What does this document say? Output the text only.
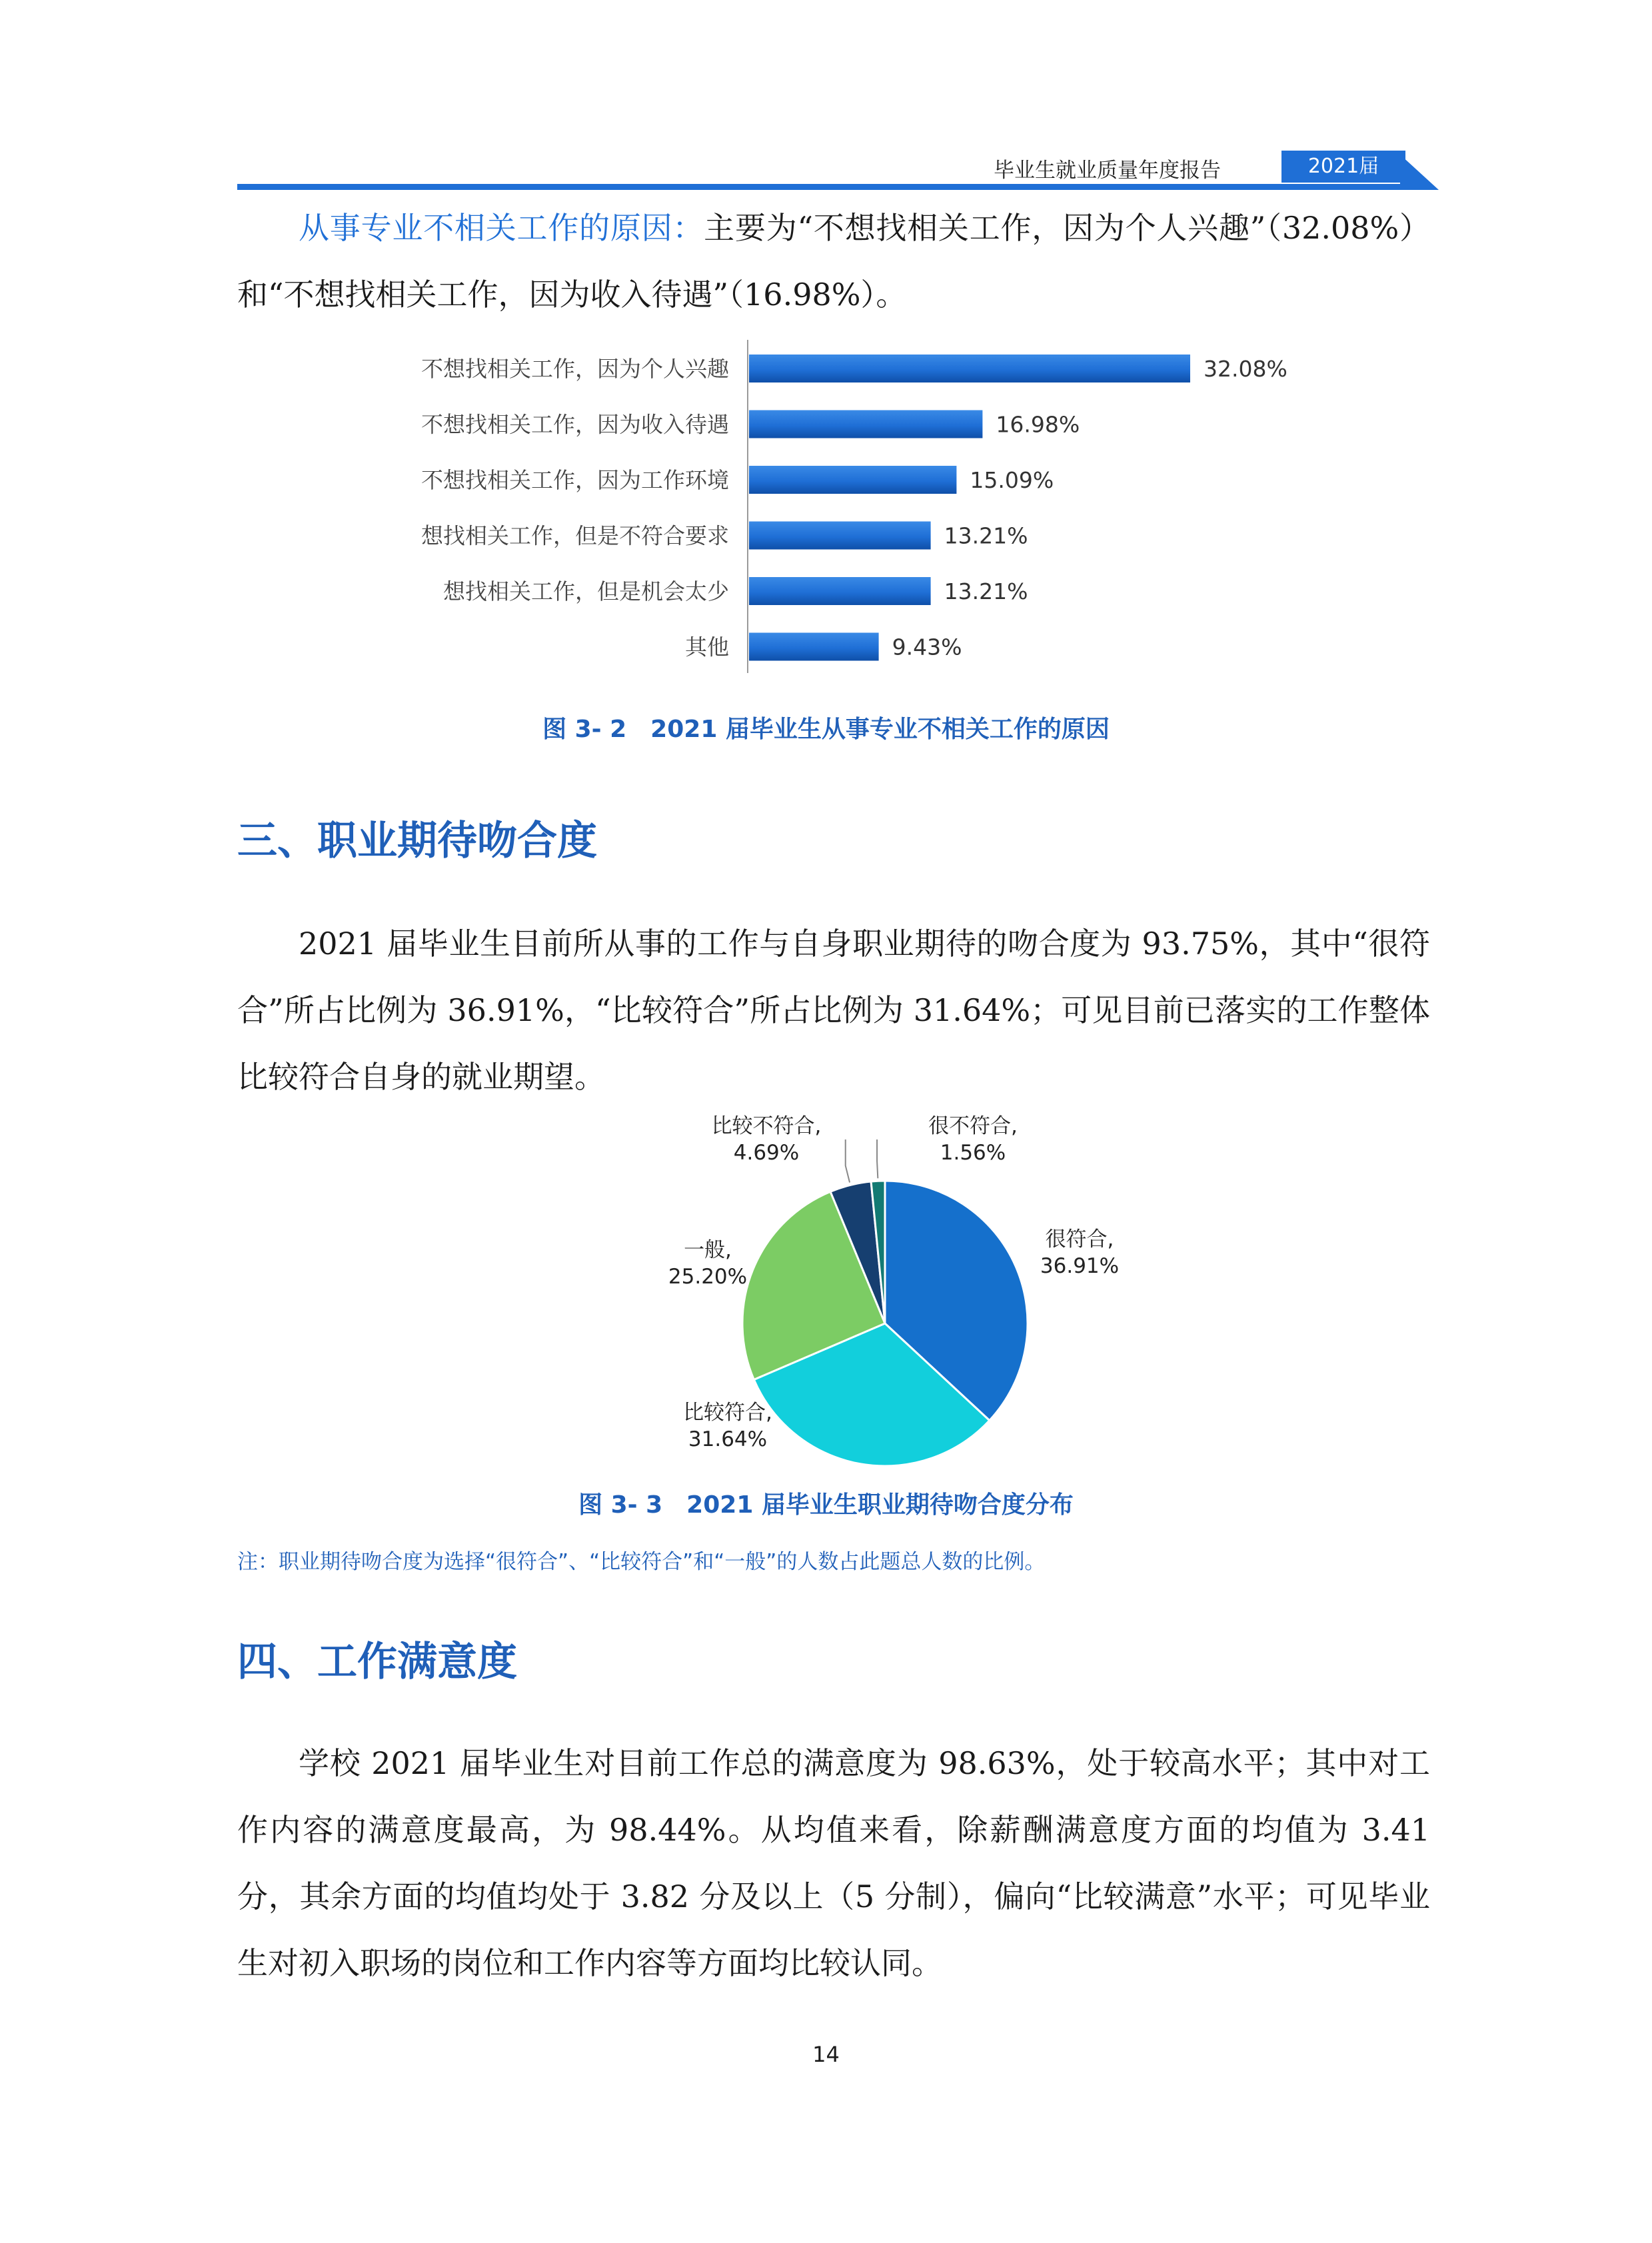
毕业生就业质量年度报告	2021届
从事专业不相关工作的原因：主要为“不想找相关工作，因为个人兴趣”（32.08%）和“不想找相关工作，因为收入待遇”（16.98%）。
不想找相关工作，因为个人兴趣	32.08%
不想找相关工作，因为收入待遇	16.98%
不想找相关工作，因为工作环境	15.09%
想找相关工作，但是不符合要求	13.21%
想找相关工作，但是机会太少	13.21%
其他	9.43%
图 3- 2　2021 届毕业生从事专业不相关工作的原因
三、职业期待吻合度
2021 届毕业生目前所从事的工作与自身职业期待的吻合度为 93.75%，其中“很符合”所占比例为 36.91%，“比较符合”所占比例为 31.64%；可见目前已落实的工作整体比较符合自身的就业期望。
很符合,
36.91%
比较符合,
31.64%
一般,
25.20%
比较不符合,
4.69%
很不符合,
1.56%
图 3- 3　2021 届毕业生职业期待吻合度分布
注：职业期待吻合度为选择“很符合”、“比较符合”和“一般”的人数占此题总人数的比例。
四、工作满意度
学校 2021 届毕业生对目前工作总的满意度为 98.63%，处于较高水平；其中对工作内容的满意度最高，为 98.44%。从均值来看，除薪酬满意度方面的均值为 3.41 分，其余方面的均值均处于 3.82 分及以上（5 分制），偏向“比较满意”水平；可见毕业生对初入职场的岗位和工作内容等方面均比较认同。
14
